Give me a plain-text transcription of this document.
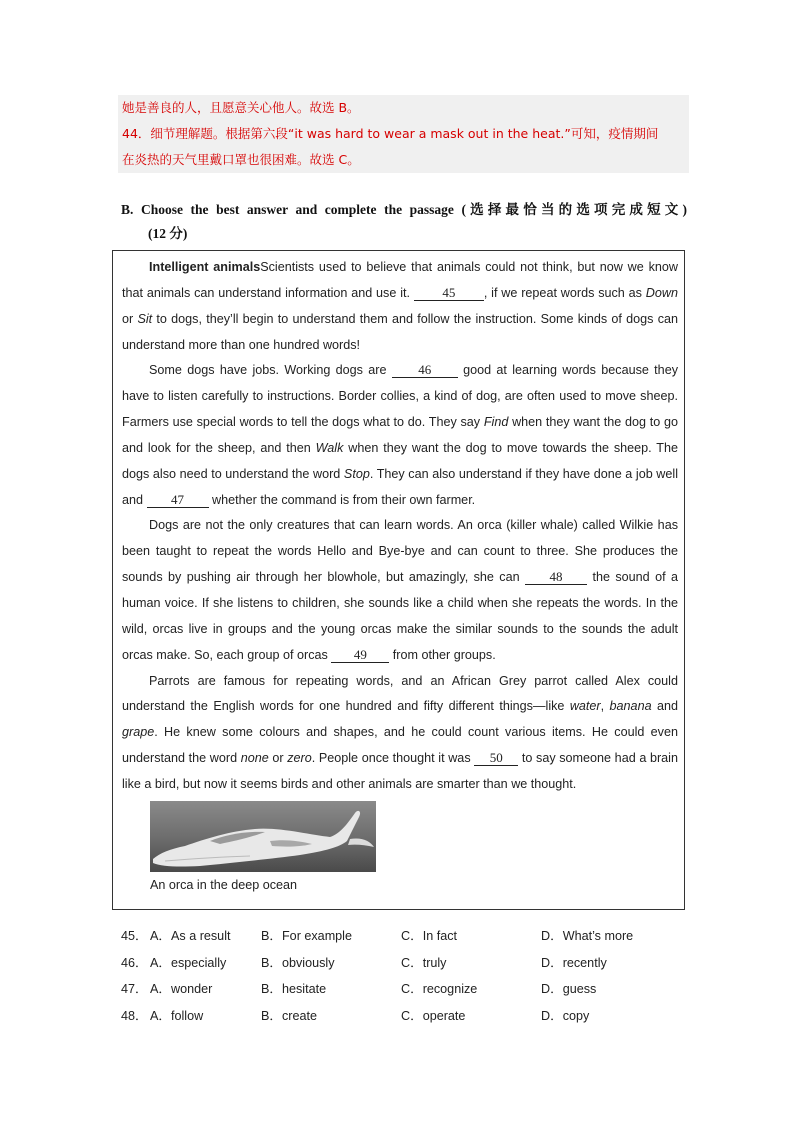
她是善良的人，且愿意关心他人。故选 B。
44．细节理解题。根据第六段“it was hard to wear a mask out in the heat.”可知，疫情期间
在炎热的天气里戴口罩也很困难。故选 C。
B. Choose the best answer and complete the passage (选择最恰当的选项完成短文)
(12 分)

Intelligent animalsScientists used to believe that animals could not think, but now we know that animals can understand information and use it. 45 , if we repeat words such as Down or Sit to dogs, they’ll begin to understand them and follow the instruction. Some kinds of dogs can understand more than one hundred words!

Some dogs have jobs. Working dogs are 46 good at learning words because they have to listen carefully to instructions. Border collies, a kind of dog, are often used to move sheep. Farmers use special words to tell the dogs what to do. They say Find when they want the dog to go and look for the sheep, and then Walk when they want the dog to move towards the sheep. The dogs also need to understand the word Stop. They can also understand if they have done a job well and 47 whether the command is from their own farmer.

Dogs are not the only creatures that can learn words. An orca (killer whale) called Wilkie has been taught to repeat the words Hello and Bye-bye and can count to three. She produces the sounds by pushing air through her blowhole, but amazingly, she can 48 the sound of a human voice. If she listens to children, she sounds like a child when she repeats the words. In the wild, orcas live in groups and the young orcas make the similar sounds to the sounds the adult orcas make. So, each group of orcas 49 from other groups.

Parrots are famous for repeating words, and an African Grey parrot called Alex could understand the English words for one hundred and fifty different things—like water, banana and grape. He knew some colours and shapes, and he could count various items. He could even understand the word none or zero. People once thought it was 50 to say someone had a brain like a bird, but now it seems birds and other animals are smarter than we thought.

An orca in the deep ocean
45． A．As a result B．For example	C．In fact	D．What’s more
46． A．especially	B．obviously	C．truly	D．recently
47． A．wonder	B．hesitate	C．recognize	D．guess
48． A．follow	B．create	C．operate	D．copy
